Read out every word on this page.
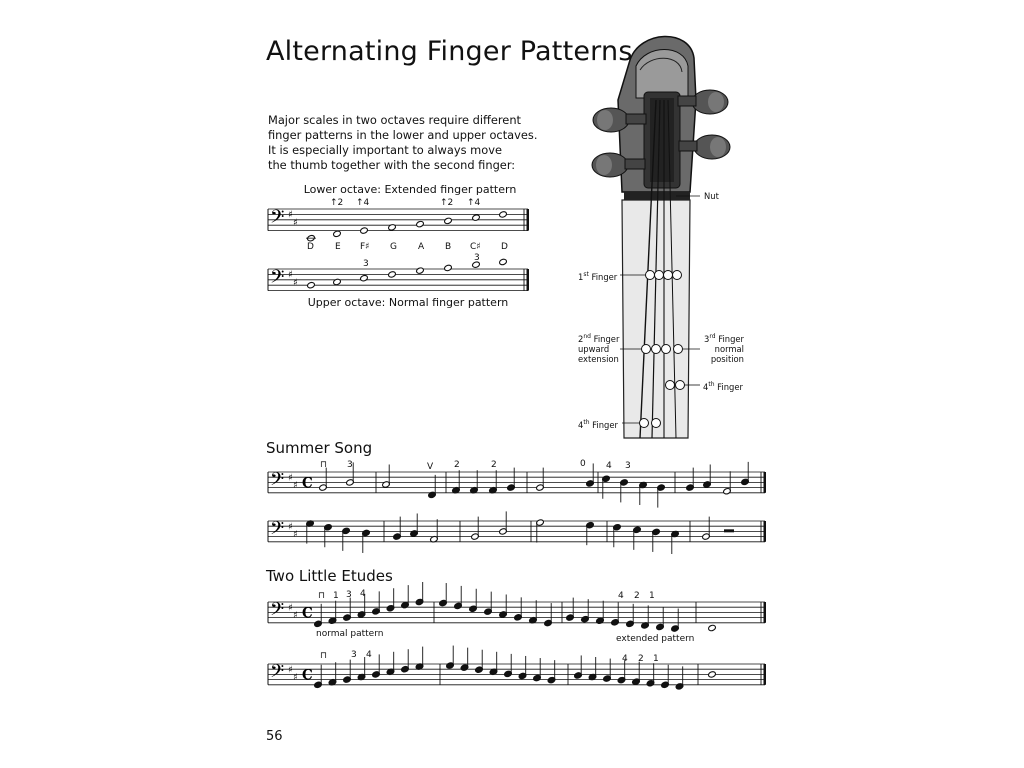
Alternating Finger Patterns
Major scales in two octaves require different
finger patterns in the lower and upper octaves.
It is especially important to always move
the thumb together with the second finger:
Lower octave: Extended finger pattern
Upper octave: Normal finger pattern
Summer Song
Two Little Etudes
56
Nut
1st Finger
2nd Finger
upward
extension
3rd Finger
normal
position
4th Finger
4th Finger
𝄢 ♯
♯
𝄢 ♯
♯
𝄢 ♯
♯ C
𝄢 ♯
♯
𝄢 ♯
♯ C
𝄢 ♯
♯ C
↑2 ↑4	↑2 ↑4
D E F♯ G A B C♯ D
3
3
⊓ 3	V 2	2	0 4 3
⊓ 1 3 4	4 2 1
normal pattern	extended pattern
⊓	3 4	4 2 1
